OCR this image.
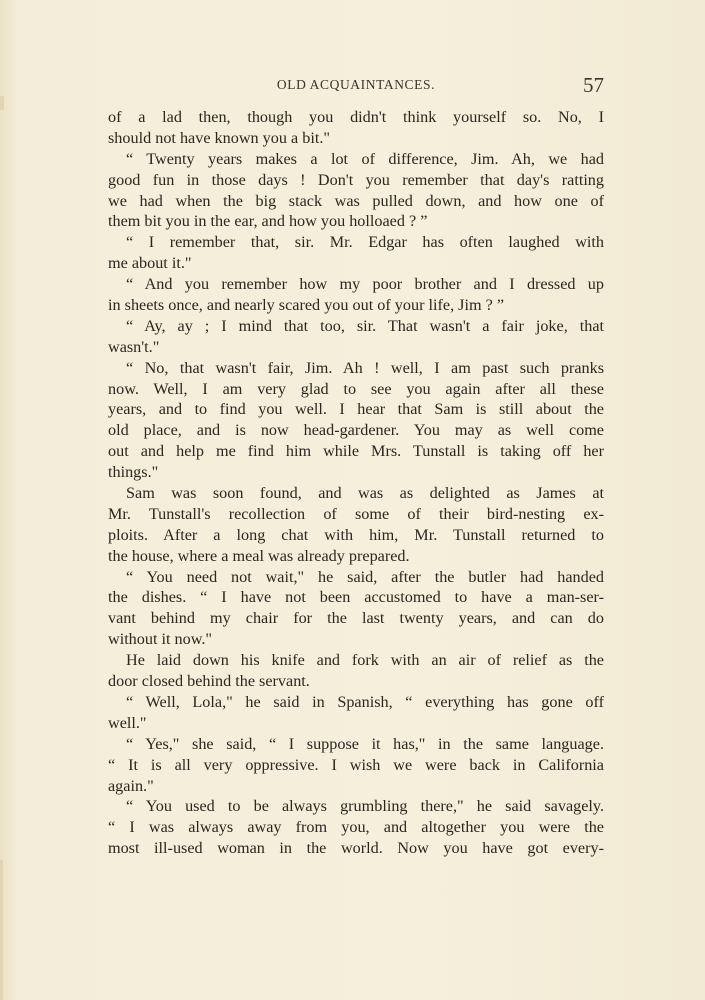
OLD ACQUAINTANCES.	57
of a lad then, though you didn't think yourself so. No, I
should not have known you a bit."
“ Twenty years makes a lot of difference, Jim. Ah, we had
good fun in those days ! Don't you remember that day's ratting
we had when the big stack was pulled down, and how one of
them bit you in the ear, and how you holloaed ? ”
“ I remember that, sir. Mr. Edgar has often laughed with
me about it."
“ And you remember how my poor brother and I dressed up
in sheets once, and nearly scared you out of your life, Jim ? ”
“ Ay, ay ; I mind that too, sir. That wasn't a fair joke, that
wasn't."
“ No, that wasn't fair, Jim. Ah ! well, I am past such pranks
now. Well, I am very glad to see you again after all these
years, and to find you well. I hear that Sam is still about the
old place, and is now head-gardener. You may as well come
out and help me find him while Mrs. Tunstall is taking off her
things."
Sam was soon found, and was as delighted as James at
Mr. Tunstall's recollection of some of their bird-nesting ex-
ploits. After a long chat with him, Mr. Tunstall returned to
the house, where a meal was already prepared.
“ You need not wait," he said, after the butler had handed
the dishes. “ I have not been accustomed to have a man-ser-
vant behind my chair for the last twenty years, and can do
without it now."
He laid down his knife and fork with an air of relief as the
door closed behind the servant.
“ Well, Lola," he said in Spanish, “ everything has gone off
well."
“ Yes," she said, “ I suppose it has," in the same language.
“ It is all very oppressive. I wish we were back in California
again."
“ You used to be always grumbling there," he said savagely.
“ I was always away from you, and altogether you were the
most ill-used woman in the world. Now you have got every-
